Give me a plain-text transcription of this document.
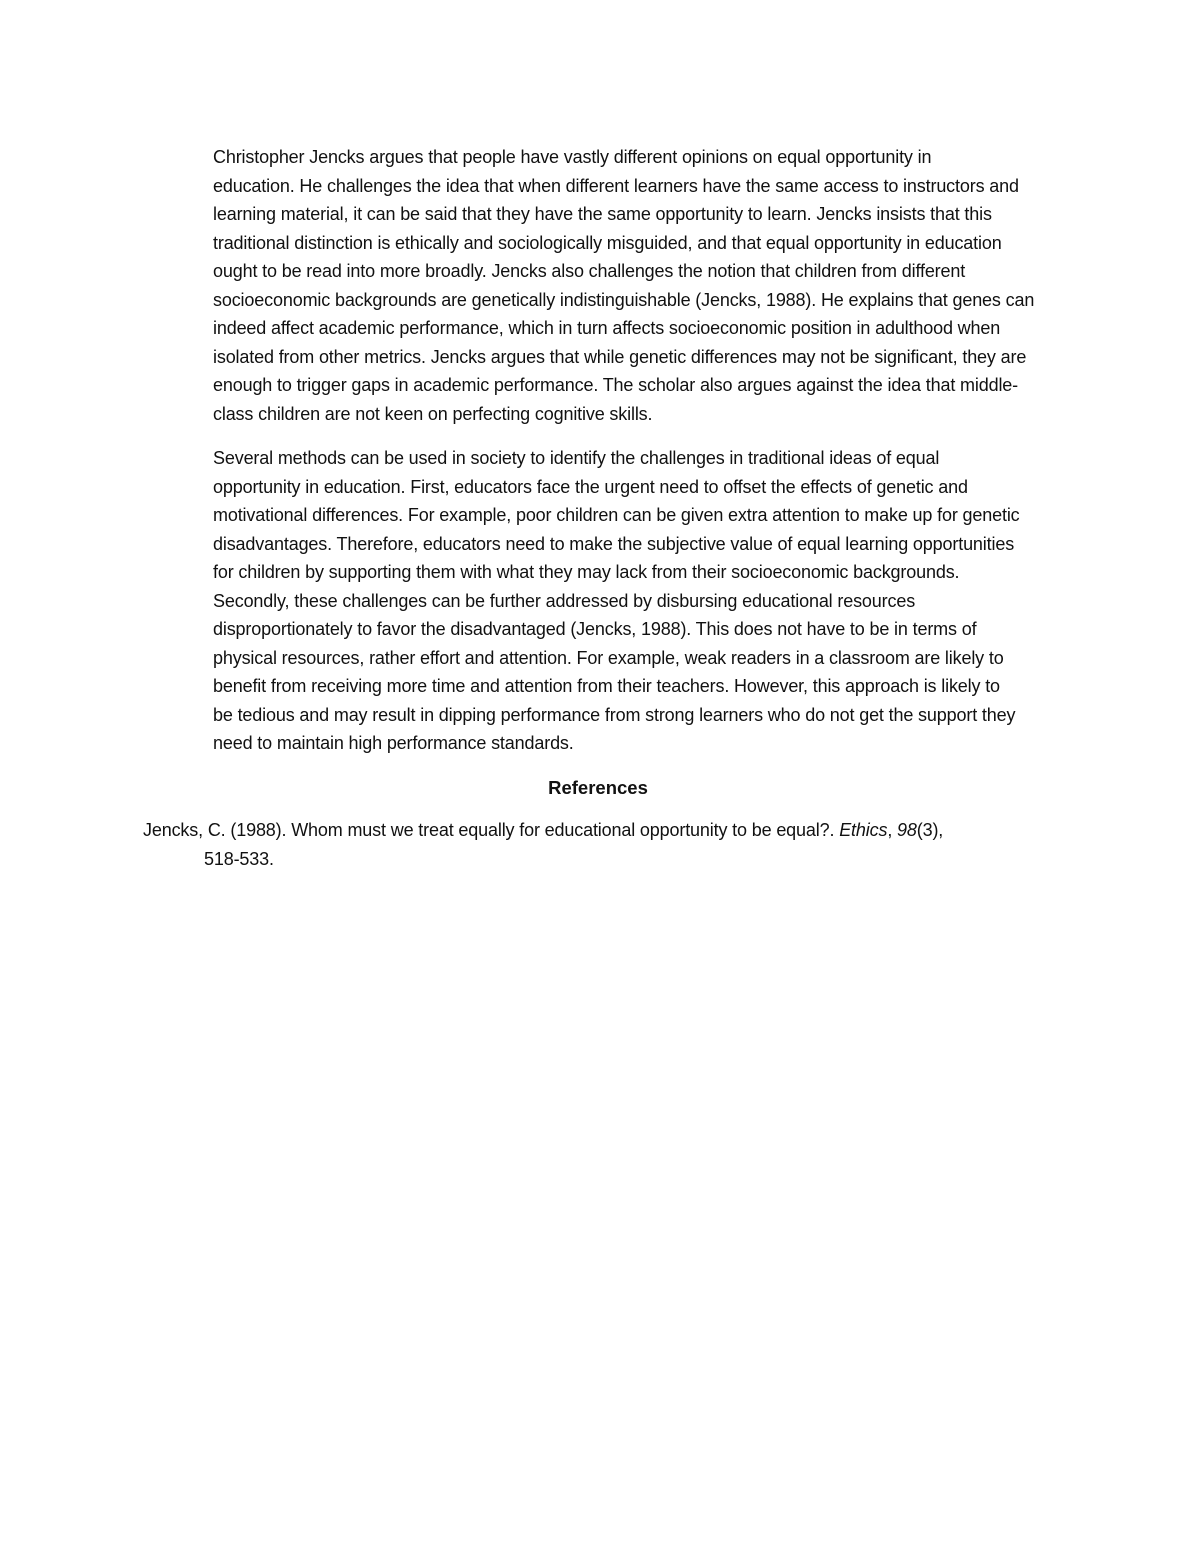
Christopher Jencks argues that people have vastly different opinions on equal opportunity in
education. He challenges the idea that when different learners have the same access to instructors and
learning material, it can be said that they have the same opportunity to learn. Jencks insists that this
traditional distinction is ethically and sociologically misguided, and that equal opportunity in education
ought to be read into more broadly. Jencks also challenges the notion that children from different
socioeconomic backgrounds are genetically indistinguishable (Jencks, 1988). He explains that genes can
indeed affect academic performance, which in turn affects socioeconomic position in adulthood when
isolated from other metrics. Jencks argues that while genetic differences may not be significant, they are
enough to trigger gaps in academic performance. The scholar also argues against the idea that middle-
class children are not keen on perfecting cognitive skills.

Several methods can be used in society to identify the challenges in traditional ideas of equal
opportunity in education. First, educators face the urgent need to offset the effects of genetic and
motivational differences. For example, poor children can be given extra attention to make up for genetic
disadvantages. Therefore, educators need to make the subjective value of equal learning opportunities
for children by supporting them with what they may lack from their socioeconomic backgrounds.
Secondly, these challenges can be further addressed by disbursing educational resources
disproportionately to favor the disadvantaged (Jencks, 1988). This does not have to be in terms of
physical resources, rather effort and attention. For example, weak readers in a classroom are likely to
benefit from receiving more time and attention from their teachers. However, this approach is likely to
be tedious and may result in dipping performance from strong learners who do not get the support they
need to maintain high performance standards.

References
Jencks, C. (1988). Whom must we treat equally for educational opportunity to be equal?. Ethics, 98(3),
518-533.
